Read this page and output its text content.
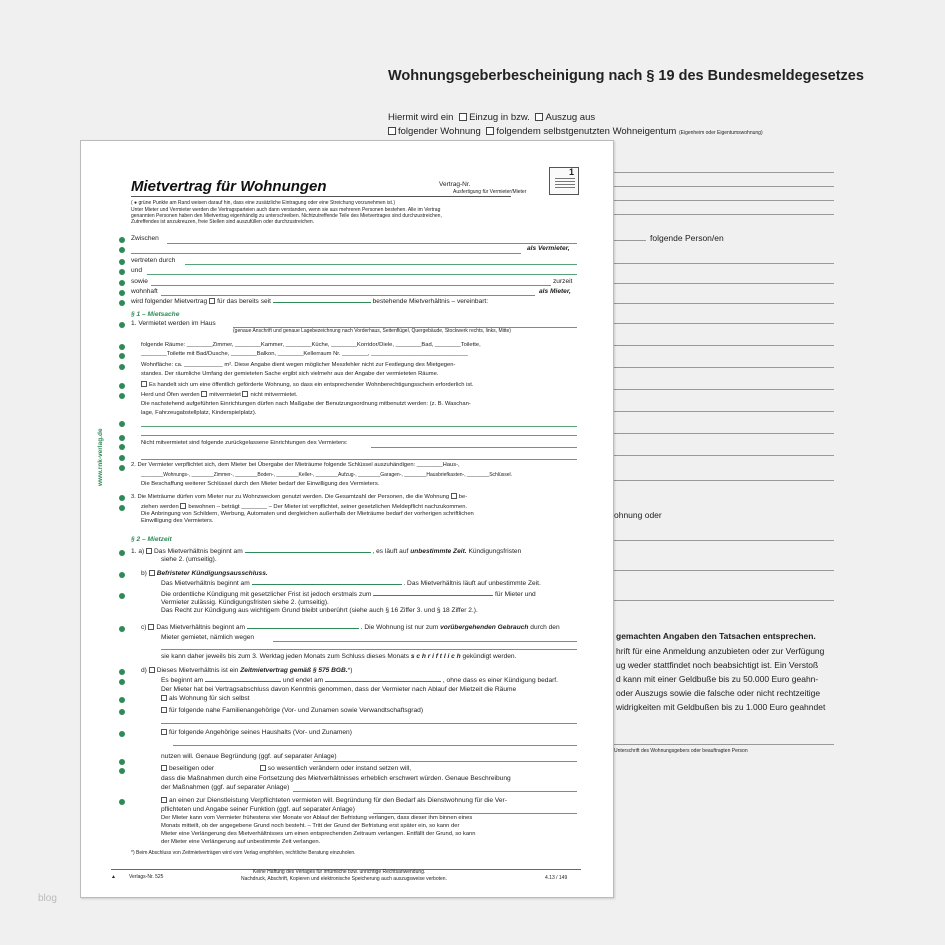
Wohnungsgeberbescheinigung nach § 19 des Bundesmeldegesetzes
Hiermit wird ein Einzug in bzw. Auszug aus
folgender Wohnung folgendem selbstgenutzten Wohneigentum (Eigenheim oder Eigentumswohnung)
folgende Person/en
ohnung oder
gemachten Angaben den Tatsachen entsprechen.
hrift für eine Anmeldung anzubieten oder zur Verfügung
ug weder stattfindet noch beabsichtigt ist. Ein Verstoß
d kann mit einer Geldbuße bis zu 50.000 Euro geahn-
oder Auszugs sowie die falsche oder nicht rechtzeitige
widrigkeiten mit Geldbußen bis zu 1.000 Euro geahndet
Unterschrift des Wohnungsgebers oder beauftragten Person
blog
Mietvertrag für Wohnungen	Vertrag-Nr.
Ausfertigung für Vermieter/Mieter
1
www.rnk-verlag.de
( ● grüne Punkte am Rand weisen darauf hin, dass eine zusätzliche Eintragung oder eine Streichung vorzunehmen ist.)
Unter Mieter und Vermieter werden die Vertragsparteien auch dann verstanden, wenn sie aus mehreren Personen bestehen. Alle im Vertrag
genannten Personen haben den Mietvertrag eigenhändig zu unterschreiben. Nichtzutreffende Teile des Mietvertrages sind durchzustreichen,
Zutreffendes ist anzukreuzen, freie Stellen sind auszufüllen oder durchzustreichen.
Zwischen
als Vermieter,
vertreten durch
und
sowie	zurzeit
wohnhaft	als Mieter,
wird folgender Mietvertrag für das bereits seit	bestehende Mietverhältnis – vereinbart:
§ 1 – Mietsache
1. Vermietet werden im Haus
(genaue Anschrift und genaue Lagebezeichnung nach Vorderhaus, Seitenflügel, Quergebäude, Stockwerk rechts, links, Mitte)
folgende Räume: ________Zimmer, ________Kammer, ________Küche, ________Korridor/Diele, ________Bad, ________Toilette,
________Toilette mit Bad/Dusche, ________Balkon, ________Kellerraum Nr. ________, ______________________________
Wohnfläche: ca. ____________ m². Diese Angabe dient wegen möglicher Messfehler nicht zur Festlegung des Mietgegen-
standes. Der räumliche Umfang der gemieteten Sache ergibt sich vielmehr aus der Angabe der vermieteten Räume.
Es handelt sich um eine öffentlich geförderte Wohnung, so dass ein entsprechender Wohnberechtigungsschein erforderlich ist.
Herd und Öfen werden mitvermietet nicht mitvermietet.
Die nachstehend aufgeführten Einrichtungen dürfen nach Maßgabe der Benutzungsordnung mitbenutzt werden: (z. B. Waschan-
lage, Fahrzeugabstellplatz, Kinderspielplatz).
Nicht mitvermietet sind folgende zurückgelassene Einrichtungen des Vermieters:
2. Der Vermieter verpflichtet sich, dem Mieter bei Übergabe der Mieträume folgende Schlüssel auszuhändigen: ________Haus-,
________Wohnungs-, ________Zimmer-, ________Boden-, ________Keller-, ________Aufzug-, ________Garagen-, ________Hausbriefkasten-, ________Schlüssel.
Die Beschaffung weiterer Schlüssel durch den Mieter bedarf der Einwilligung des Vermieters.
3. Die Mieträume dürfen vom Mieter nur zu Wohnzwecken genutzt werden. Die Gesamtzahl der Personen, die die Wohnung be-
ziehen werden bewohnen – beträgt ________ – Der Mieter ist verpflichtet, seiner gesetzlichen Meldepflicht nachzukommen.
Die Anbringung von Schildern, Werbung, Automaten und dergleichen außerhalb der Mieträume bedarf der vorherigen schriftlichen
Einwilligung des Vermieters.
§ 2 – Mietzeit
1. a) Das Mietverhältnis beginnt am	, es läuft auf unbestimmte Zeit. Kündigungsfristen
siehe 2. (umseitig).
b) Befristeter Kündigungsausschluss.
Das Mietverhältnis beginnt am	. Das Mietverhältnis läuft auf unbestimmte Zeit.
Die ordentliche Kündigung mit gesetzlicher Frist ist jedoch erstmals zum	für Mieter und
Vermieter zulässig. Kündigungsfristen siehe 2. (umseitig).
Das Recht zur Kündigung aus wichtigem Grund bleibt unberührt (siehe auch § 16 Ziffer 3. und § 18 Ziffer 2.).
c) Das Mietverhältnis beginnt am	. Die Wohnung ist nur zum vorübergehenden Gebrauch durch den
Mieter gemietet, nämlich wegen
sie kann daher jeweils bis zum 3. Werktag jeden Monats zum Schluss dieses Monats s c h r i f t l i c h gekündigt werden.
d) Dieses Mietverhältnis ist ein Zeitmietvertrag gemäß § 575 BGB.*)
Es beginnt am	und endet am	, ohne dass es einer Kündigung bedarf.
Der Mieter hat bei Vertragsabschluss davon Kenntnis genommen, dass der Vermieter nach Ablauf der Mietzeit die Räume
als Wohnung für sich selbst
für folgende nahe Familienangehörige (Vor- und Zunamen sowie Verwandtschaftsgrad)
für folgende Angehörige seines Haushalts (Vor- und Zunamen)
nutzen will. Genaue Begründung (ggf. auf separater Anlage)
beseitigen oder	so wesentlich verändern oder instand setzen will,
dass die Maßnahmen durch eine Fortsetzung des Mietverhältnisses erheblich erschwert würden. Genaue Beschreibung
der Maßnahmen (ggf. auf separater Anlage)
an einen zur Dienstleistung Verpflichteten vermieten will. Begründung für den Bedarf als Dienstwohnung für die Ver-
pflichteten und Angabe seiner Funktion (ggf. auf separater Anlage)
Der Mieter kann vom Vermieter frühestens vier Monate vor Ablauf der Befristung verlangen, dass dieser ihm binnen eines
Monats mitteilt, ob der angegebene Grund noch besteht. – Tritt der Grund der Befristung erst später ein, so kann der
Mieter eine Verlängerung des Mietverhältnisses um einen entsprechenden Zeitraum verlangen. Entfällt der Grund, so kann
der Mieter eine Verlängerung auf unbestimmte Zeit verlangen.
*) Beim Abschluss von Zeitmietverträgen wird vom Verlag empfohlen, rechtliche Beratung einzuholen.
▲	Verlags-Nr. 525
Keine Haftung des Verlages für irrtümliche bzw. unrichtige Rechtsanwendung.
Nachdruck, Abschrift, Kopieren und elektronische Speicherung auch auszugsweise verboten.	4.13 / 149
